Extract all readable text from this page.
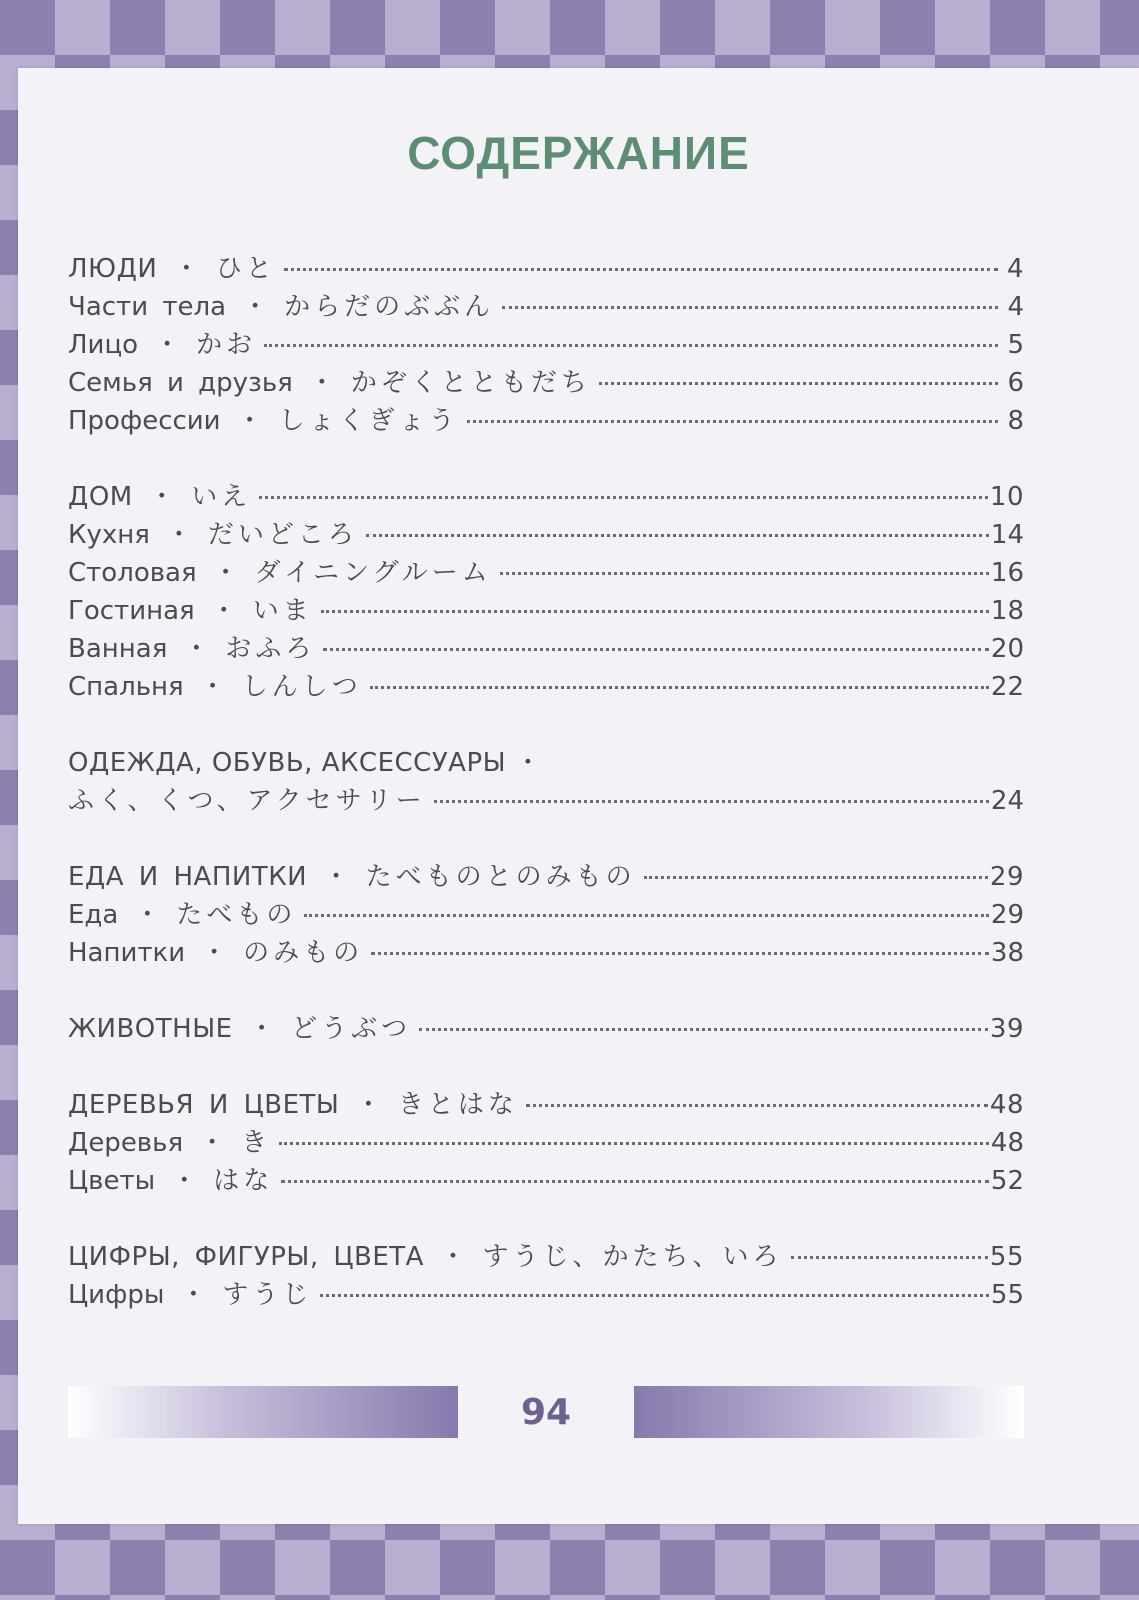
СОДЕРЖАНИЕ
ЛЮДИ ・ ひと	4
Части тела ・ からだのぶぶん	4
Лицо ・ かお	5
Семья и друзья ・ かぞくとともだち	6
Профессии ・ しょくぎょう	8
ДОМ ・ いえ	10
Кухня ・ だいどころ	14
Столовая ・ ダイニングルーム	16
Гостиная ・ いま	18
Ванная ・ おふろ	20
Спальня ・ しんしつ	22
ОДЕЖДА, ОБУВЬ, АКСЕССУАРЫ ・
ふく、くつ、アクセサリー	24
ЕДА И НАПИТКИ ・ たべものとのみもの	29
Еда ・ たべもの	29
Напитки ・ のみもの	38
ЖИВОТНЫЕ ・ どうぶつ	39
ДЕРЕВЬЯ И ЦВЕТЫ ・ きとはな	48
Деревья ・ き	48
Цветы ・ はな	52
ЦИФРЫ, ФИГУРЫ, ЦВЕТА ・ すうじ、かたち、いろ	55
Цифры ・ すうじ	55
94
